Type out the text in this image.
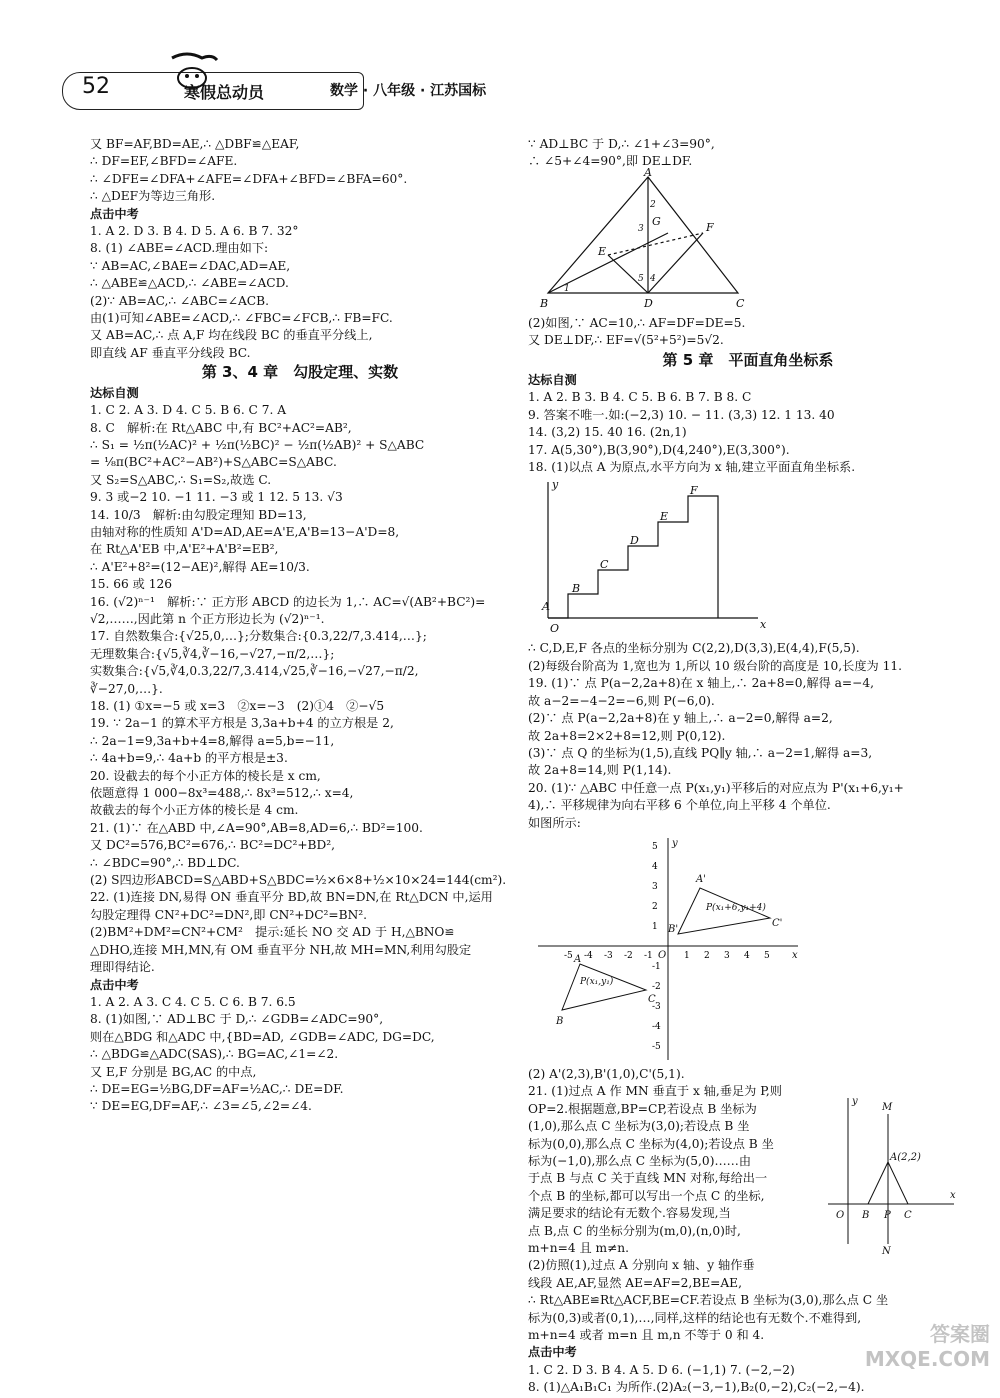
52	寒假总动员	数学 · 八年级 · 江苏国标

又 BF=AF,BD=AE,∴ △DBF≌△EAF,

∴ DF=EF,∠BFD=∠AFE.

∴ ∠DFE=∠DFA+∠AFE=∠DFA+∠BFD=∠BFA=60°.

∴ △DEF为等边三角形.

点击中考

1. A 2. D 3. B 4. D 5. A 6. B 7. 32°

8. (1) ∠ABE=∠ACD.理由如下:

∵ AB=AC,∠BAE=∠DAC,AD=AE,

∴ △ABE≌△ACD,∴ ∠ABE=∠ACD.

(2)∵ AB=AC,∴ ∠ABC=∠ACB.

由(1)可知∠ABE=∠ACD,∴ ∠FBC=∠FCB,∴ FB=FC.

又 AB=AC,∴ 点 A,F 均在线段 BC 的垂直平分线上,

即直线 AF 垂直平分线段 BC.

第 3、4 章　勾股定理、实数

达标自测

1. C 2. A 3. D 4. C 5. B 6. C 7. A

8. C　解析:在 Rt△ABC 中,有 BC²+AC²=AB²,

∴ S₁ = ½π(½AC)² + ½π(½BC)² − ½π(½AB)² + S△ABC

= ⅛π(BC²+AC²−AB²)+S△ABC=S△ABC.

又 S₂=S△ABC,∴ S₁=S₂,故选 C.

9. 3 或−2 10. −1 11. −3 或 1 12. 5 13. √3

14. 10/3　解析:由勾股定理知 BD=13,

由轴对称的性质知 A'D=AD,AE=A'E,A'B=13−A'D=8,

在 Rt△A'EB 中,A'E²+A'B²=EB²,

∴ A'E²+8²=(12−AE)²,解得 AE=10/3.

15. 66 或 126

16. (√2)ⁿ⁻¹　解析:∵ 正方形 ABCD 的边长为 1,∴ AC=√(AB²+BC²)=

√2,……,因此第 n 个正方形边长为 (√2)ⁿ⁻¹.

17. 自然数集合:{√25,0,…};分数集合:{0.3,22/7,3.414,…};

无理数集合:{√5,∛4,∛−16,−√27,−π/2,…};

实数集合:{√5,∛4,0.3,22/7,3.414,√25,∛−16,−√27,−π/2,

∛−27,0,…}.

18. (1) ①x=−5 或 x=3　②x=−3　(2)①4　②−√5

19. ∵ 2a−1 的算术平方根是 3,3a+b+4 的立方根是 2,

∴ 2a−1=9,3a+b+4=8,解得 a=5,b=−11,

∴ 4a+b=9,∴ 4a+b 的平方根是±3.

20. 设截去的每个小正方体的棱长是 x cm,

依题意得 1 000−8x³=488,∴ 8x³=512,∴ x=4,

故截去的每个小正方体的棱长是 4 cm.

21. (1)∵ 在△ABD 中,∠A=90°,AB=8,AD=6,∴ BD²=100.

又 DC²=576,BC²=676,∴ BC²=DC²+BD²,

∴ ∠BDC=90°,∴ BD⊥DC.

(2) S四边形ABCD=S△ABD+S△BDC=½×6×8+½×10×24=144(cm²).

22. (1)连接 DN,易得 ON 垂直平分 BD,故 BN=DN,在 Rt△DCN 中,运用

勾股定理得 CN²+DC²=DN²,即 CN²+DC²=BN².

(2)BM²+DM²=CN²+CM²　提示:延长 NO 交 AD 于 H,△BNO≌

△DHO,连接 MH,MN,有 OM 垂直平分 NH,故 MH=MN,利用勾股定

理即得结论.

点击中考

1. A 2. A 3. C 4. C 5. C 6. B 7. 6.5

8. (1)如图,∵ AD⊥BC 于 D,∴ ∠GDB=∠ADC=90°,

则在△BDG 和△ADC 中,{BD=AD, ∠GDB=∠ADC, DG=DC,

∴ △BDG≌△ADC(SAS),∴ BG=AC,∠1=∠2.

又 E,F 分别是 BG,AC 的中点,

∴ DE=EG=½BG,DF=AF=½AC,∴ DE=DF.

∵ DE=EG,DF=AF,∴ ∠3=∠5,∠2=∠4.

∵ AD⊥BC 于 D,∴ ∠1+∠3=90°,

∴ ∠5+∠4=90°,即 DE⊥DF.

A
B	D	C
E
F
G
1
2
3
4
5

(2)如图,∵ AC=10,∴ AF=DF=DE=5.

又 DE⊥DF,∴ EF=√(5²+5²)=5√2.

第 5 章　平面直角坐标系

达标自测

1. A 2. B 3. B 4. C 5. B 6. B 7. B 8. C

9. 答案不唯一.如:(−2,3) 10. − 11. (3,3) 12. 1 13. 40

14. (3,2) 15. 40 16. (2n,1)

17. A(5,30°),B(3,90°),D(4,240°),E(3,300°).

18. (1)以点 A 为原点,水平方向为 x 轴,建立平面直角坐标系.

A
B
C
D
E
F
O	x
y

∴ C,D,E,F 各点的坐标分别为 C(2,2),D(3,3),E(4,4),F(5,5).

(2)每级台阶高为 1,宽也为 1,所以 10 级台阶的高度是 10,长度为 11.

19. (1)∵ 点 P(a−2,2a+8)在 x 轴上,∴ 2a+8=0,解得 a=−4,

故 a−2=−4−2=−6,则 P(−6,0).

(2)∵ 点 P(a−2,2a+8)在 y 轴上,∴ a−2=0,解得 a=2,

故 2a+8=2×2+8=12,则 P(0,12).

(3)∵ 点 Q 的坐标为(1,5),直线 PQ∥y 轴,∴ a−2=1,解得 a=3,

故 2a+8=14,则 P(1,14).

20. (1)∵ △ABC 中任意一点 P(x₁,y₁)平移后的对应点为 P'(x₁+6,y₁+

4),∴ 平移规律为向右平移 6 个单位,向上平移 4 个单位.

如图所示:

A'
B'
C'
A
B
C
P(x₁+6,y₁+4)
P(x₁,y₁)
x
y
O
-5 -4 -3 -2 -1	1 2 3 4 5
5
4
3
2
1
-1
-2
-3
-4
-5

(2) A'(2,3),B'(1,0),C'(5,1).

21. (1)过点 A 作 MN 垂直于 x 轴,垂足为 P,则

OP=2.根据题意,BP=CP,若设点 B 坐标为

(1,0),那么点 C 坐标为(3,0);若设点 B 坐

标为(0,0),那么点 C 坐标为(4,0);若设点 B 坐

标为(−1,0),那么点 C 坐标为(5,0)……由

于点 B 与点 C 关于直线 MN 对称,每给出一

个点 B 的坐标,都可以写出一个点 C 的坐标,

满足要求的结论有无数个.容易发现,当

点 B,点 C 的坐标分别为(m,0),(n,0)时,

m+n=4 且 m≠n.

(2)仿照(1),过点 A 分别向 x 轴、y 轴作垂

线段 AE,AF,显然 AE=AF=2,BE=AE,

∴ Rt△ABE≌Rt△ACF,BE=CF.若设点 B 坐标为(3,0),那么点 C 坐

标为(0,3)或者(0,1),…,同样,这样的结论也有无数个.不难得到,

m+n=4 或者 m=n 且 m,n 不等于 0 和 4.

点击中考

1. C 2. D 3. B 4. A 5. D 6. (−1,1) 7. (−2,−2)

8. (1)△A₁B₁C₁ 为所作.(2)A₂(−3,−1),B₂(0,−2),C₂(−2,−4).

M
A(2,2)
N
O B P C
x
y
答案圈 MXQE.COM
